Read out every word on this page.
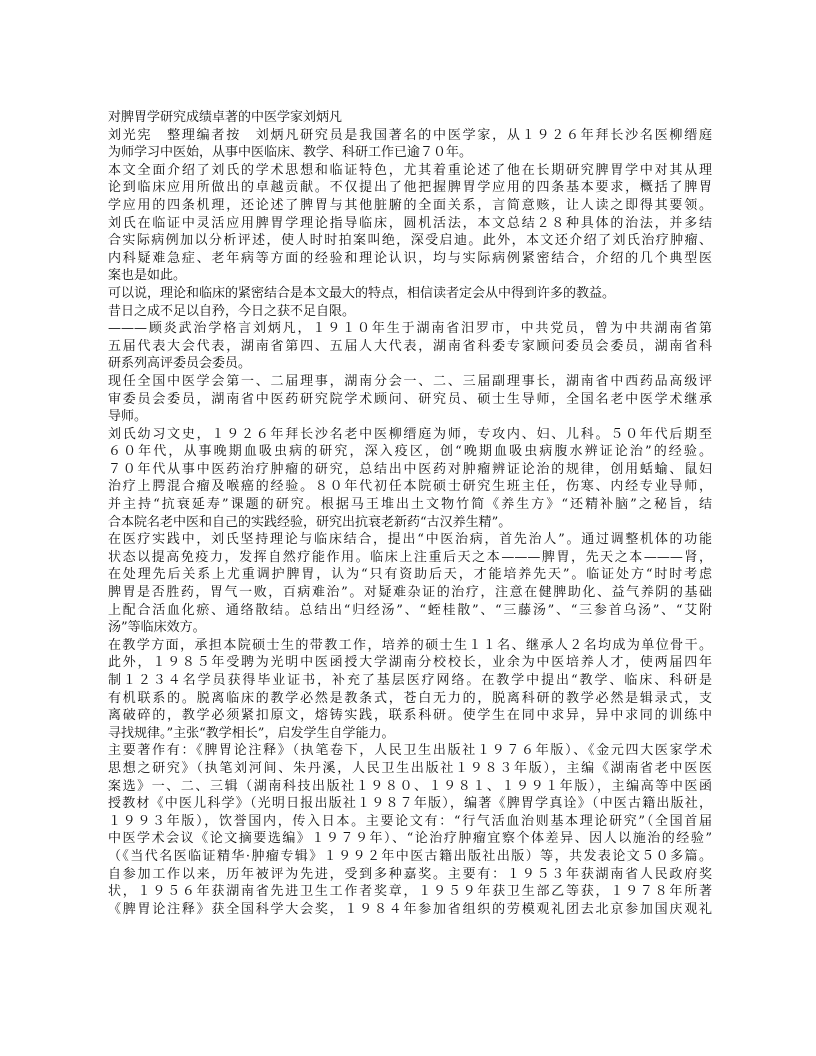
对脾胃学研究成绩卓著的中医学家刘炳凡
刘光宪　整理编者按　刘炳凡研究员是我国著名的中医学家，从１９２６年拜长沙名医柳缙庭
为师学习中医始，从事中医临床、教学、科研工作已逾７０年。
本文全面介绍了刘氏的学术思想和临证特色，尤其着重论述了他在长期研究脾胃学中对其从理
论到临床应用所做出的卓越贡献。不仅提出了他把握脾胃学应用的四条基本要求，概括了脾胃
学应用的四条机理，还论述了脾胃与其他脏腑的全面关系，言简意赅，让人读之即得其要领。
刘氏在临证中灵活应用脾胃学理论指导临床，圆机活法，本文总结２８种具体的治法，并多结
合实际病例加以分析评述，使人时时拍案叫绝，深受启迪。此外，本文还介绍了刘氏治疗肿瘤、
内科疑难急症、老年病等方面的经验和理论认识，均与实际病例紧密结合，介绍的几个典型医
案也是如此。
可以说，理论和临床的紧密结合是本文最大的特点，相信读者定会从中得到许多的教益。
昔日之成不足以自矜，今日之获不足自限。
———顾炎武治学格言刘炳凡，１９１０年生于湖南省汨罗市，中共党员，曾为中共湖南省第
五届代表大会代表，湖南省第四、五届人大代表，湖南省科委专家顾问委员会委员，湖南省科
研系列高评委员会委员。
现任全国中医学会第一、二届理事，湖南分会一、二、三届副理事长，湖南省中西药品高级评
审委员会委员，湖南省中医药研究院学术顾问、研究员、硕士生导师，全国名老中医学术继承
导师。
刘氏幼习文史，１９２６年拜长沙名老中医柳缙庭为师，专攻内、妇、儿科。５０年代后期至
６０年代，从事晚期血吸虫病的研究，深入疫区，创“晚期血吸虫病腹水辨证论治”的经验。
７０年代从事中医药治疗肿瘤的研究，总结出中医药对肿瘤辨证论治的规律，创用蛞蝓、鼠妇
治疗上腭混合瘤及喉癌的经验。８０年代初任本院硕士研究生班主任，伤寒、内经专业导师，
并主持“抗衰延寿”课题的研究。根据马王堆出土文物竹简《养生方》“还精补脑”之秘旨，结
合本院名老中医和自己的实践经验，研究出抗衰老新药“古汉养生精”。
在医疗实践中，刘氏坚持理论与临床结合，提出“中医治病，首先治人”。通过调整机体的功能
状态以提高免疫力，发挥自然疗能作用。临床上注重后天之本———脾胃，先天之本———肾，
在处理先后关系上尤重调护脾胃，认为“只有资助后天，才能培养先天”。临证处方“时时考虑
脾胃是否胜药，胃气一败，百病难治”。对疑难杂证的治疗，注意在健脾助化、益气养阴的基础
上配合活血化瘀、通络散结。总结出“归经汤”、“蛭桂散”、“三藤汤”、“三参首乌汤”、“艾附
汤”等临床效方。
在教学方面，承担本院硕士生的带教工作，培养的硕士生１１名、继承人２名均成为单位骨干。
此外，１９８５年受聘为光明中医函授大学湖南分校校长，业余为中医培养人才，使两届四年
制１２３４名学员获得毕业证书，补充了基层医疗网络。在教学中提出“教学、临床、科研是
有机联系的。脱离临床的教学必然是教条式，苍白无力的，脱离科研的教学必然是辑录式，支
离破碎的，教学必须紧扣原文，熔铸实践，联系科研。使学生在同中求异，异中求同的训练中
寻找规律。”主张“教学相长”，启发学生自学能力。
主要著作有：《脾胃论注释》（执笔卷下，人民卫生出版社１９７６年版）、《金元四大医家学术
思想之研究》（执笔刘河间、朱丹溪，人民卫生出版社１９８３年版），主编《湖南省老中医医
案选》一、二、三辑（湖南科技出版社１９８０、１９８１、１９９１年版），主编高等中医函
授教材《中医儿科学》（光明日报出版社１９８７年版），编著《脾胃学真诠》（中医古籍出版社，
１９９３年版），饮誉国内，传入日本。主要论文有：“行气活血治则基本理论研究”（全国首届
中医学术会议《论文摘要选编》１９７９年）、“论治疗肿瘤宜察个体差异、因人以施治的经验”
（《当代名医临证精华·肿瘤专辑》１９９２年中医古籍出版社出版）等，共发表论文５０多篇。
自参加工作以来，历年被评为先进，受到多种嘉奖。主要有：１９５３年获湖南省人民政府奖
状，１９５６年获湖南省先进卫生工作者奖章，１９５９年获卫生部乙等获，１９７８年所著
《脾胃论注释》获全国科学大会奖，１９８４年参加省组织的劳模观礼团去北京参加国庆观礼
